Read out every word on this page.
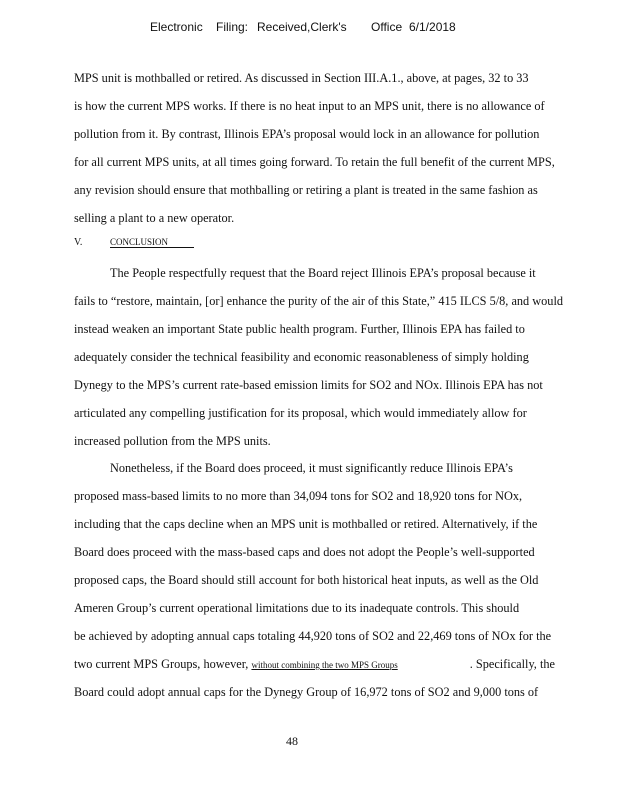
Electronic Filing: Received,Clerk's Office 6/1/2018
MPS unit is mothballed or retired. As discussed in Section III.A.1., above, at pages, 32 to 33
is how the current MPS works. If there is no heat input to an MPS unit, there is no allowance of
pollution from it. By contrast, Illinois EPA’s proposal would lock in an allowance for pollution
for all current MPS units, at all times going forward. To retain the full benefit of the current MPS,
any revision should ensure that mothballing or retiring a plant is treated in the same fashion as
selling a plant to a new operator.
V.	CONCLUSION
The People respectfully request that the Board reject Illinois EPA’s proposal because it
fails to “restore, maintain, [or] enhance the purity of the air of this State,” 415 ILCS 5/8, and would
instead weaken an important State public health program. Further, Illinois EPA has failed to
adequately consider the technical feasibility and economic reasonableness of simply holding
Dynegy to the MPS’s current rate-based emission limits for SO2 and NOx. Illinois EPA has not
articulated any compelling justification for its proposal, which would immediately allow for
increased pollution from the MPS units.
Nonetheless, if the Board does proceed, it must significantly reduce Illinois EPA’s
proposed mass-based limits to no more than 34,094 tons for SO2 and 18,920 tons for NOx,
including that the caps decline when an MPS unit is mothballed or retired. Alternatively, if the
Board does proceed with the mass-based caps and does not adopt the People’s well-supported
proposed caps, the Board should still account for both historical heat inputs, as well as the Old
Ameren Group’s current operational limitations due to its inadequate controls. This should
be achieved by adopting annual caps totaling 44,920 tons of SO2 and 22,469 tons of NOx for the
two current MPS Groups, however, without combining the two MPS Groups	. Specifically, the
Board could adopt annual caps for the Dynegy Group of 16,972 tons of SO2 and 9,000 tons of
48
